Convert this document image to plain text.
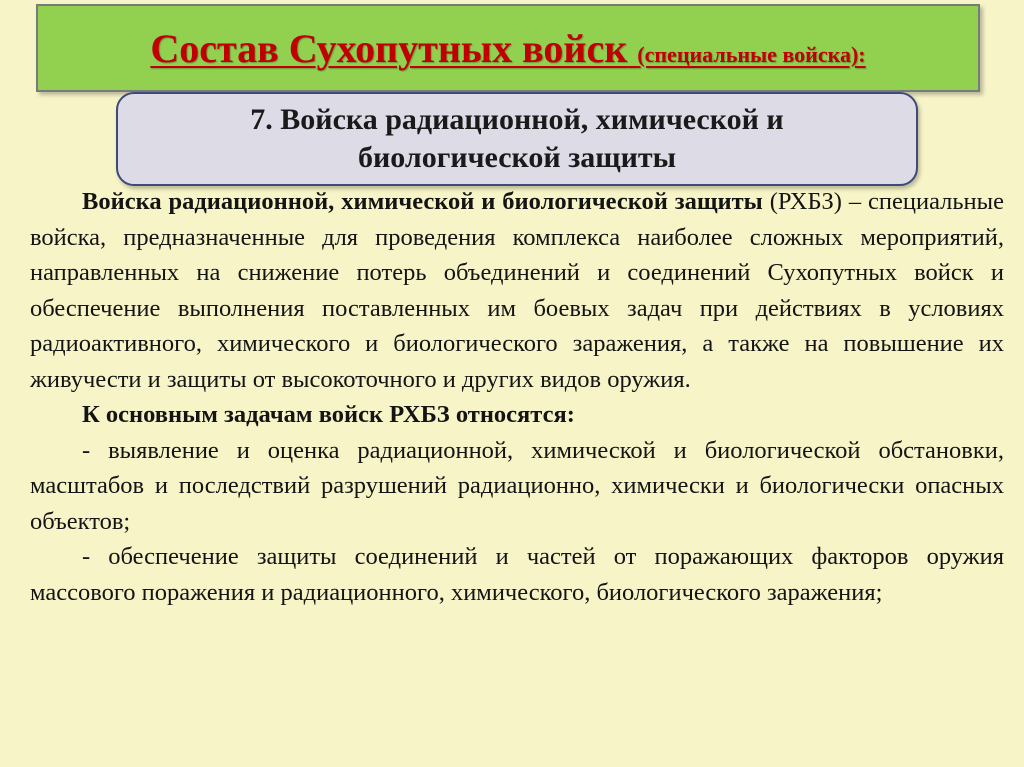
Состав Сухопутных войск (специальные войска):
7. Войска радиационной, химической и биологической защиты

Войска радиационной, химической и биологической защиты (РХБЗ) – специальные войска, предназначенные для проведения комплекса наиболее сложных мероприятий, направленных на снижение потерь объединений и соединений Сухопутных войск и обеспечение выполнения поставленных им боевых задач при действиях в условиях радиоактивного, химического и биологического заражения, а также на повышение их живучести и защиты от высокоточного и других видов оружия.

К основным задачам войск РХБЗ относятся:

- выявление и оценка радиационной, химической и биологической обстановки, масштабов и последствий разрушений радиационно, химически и биологически опасных объектов;

- обеспечение защиты соединений и частей от поражающих факторов оружия массового поражения и радиационного, химического, биологического заражения;
